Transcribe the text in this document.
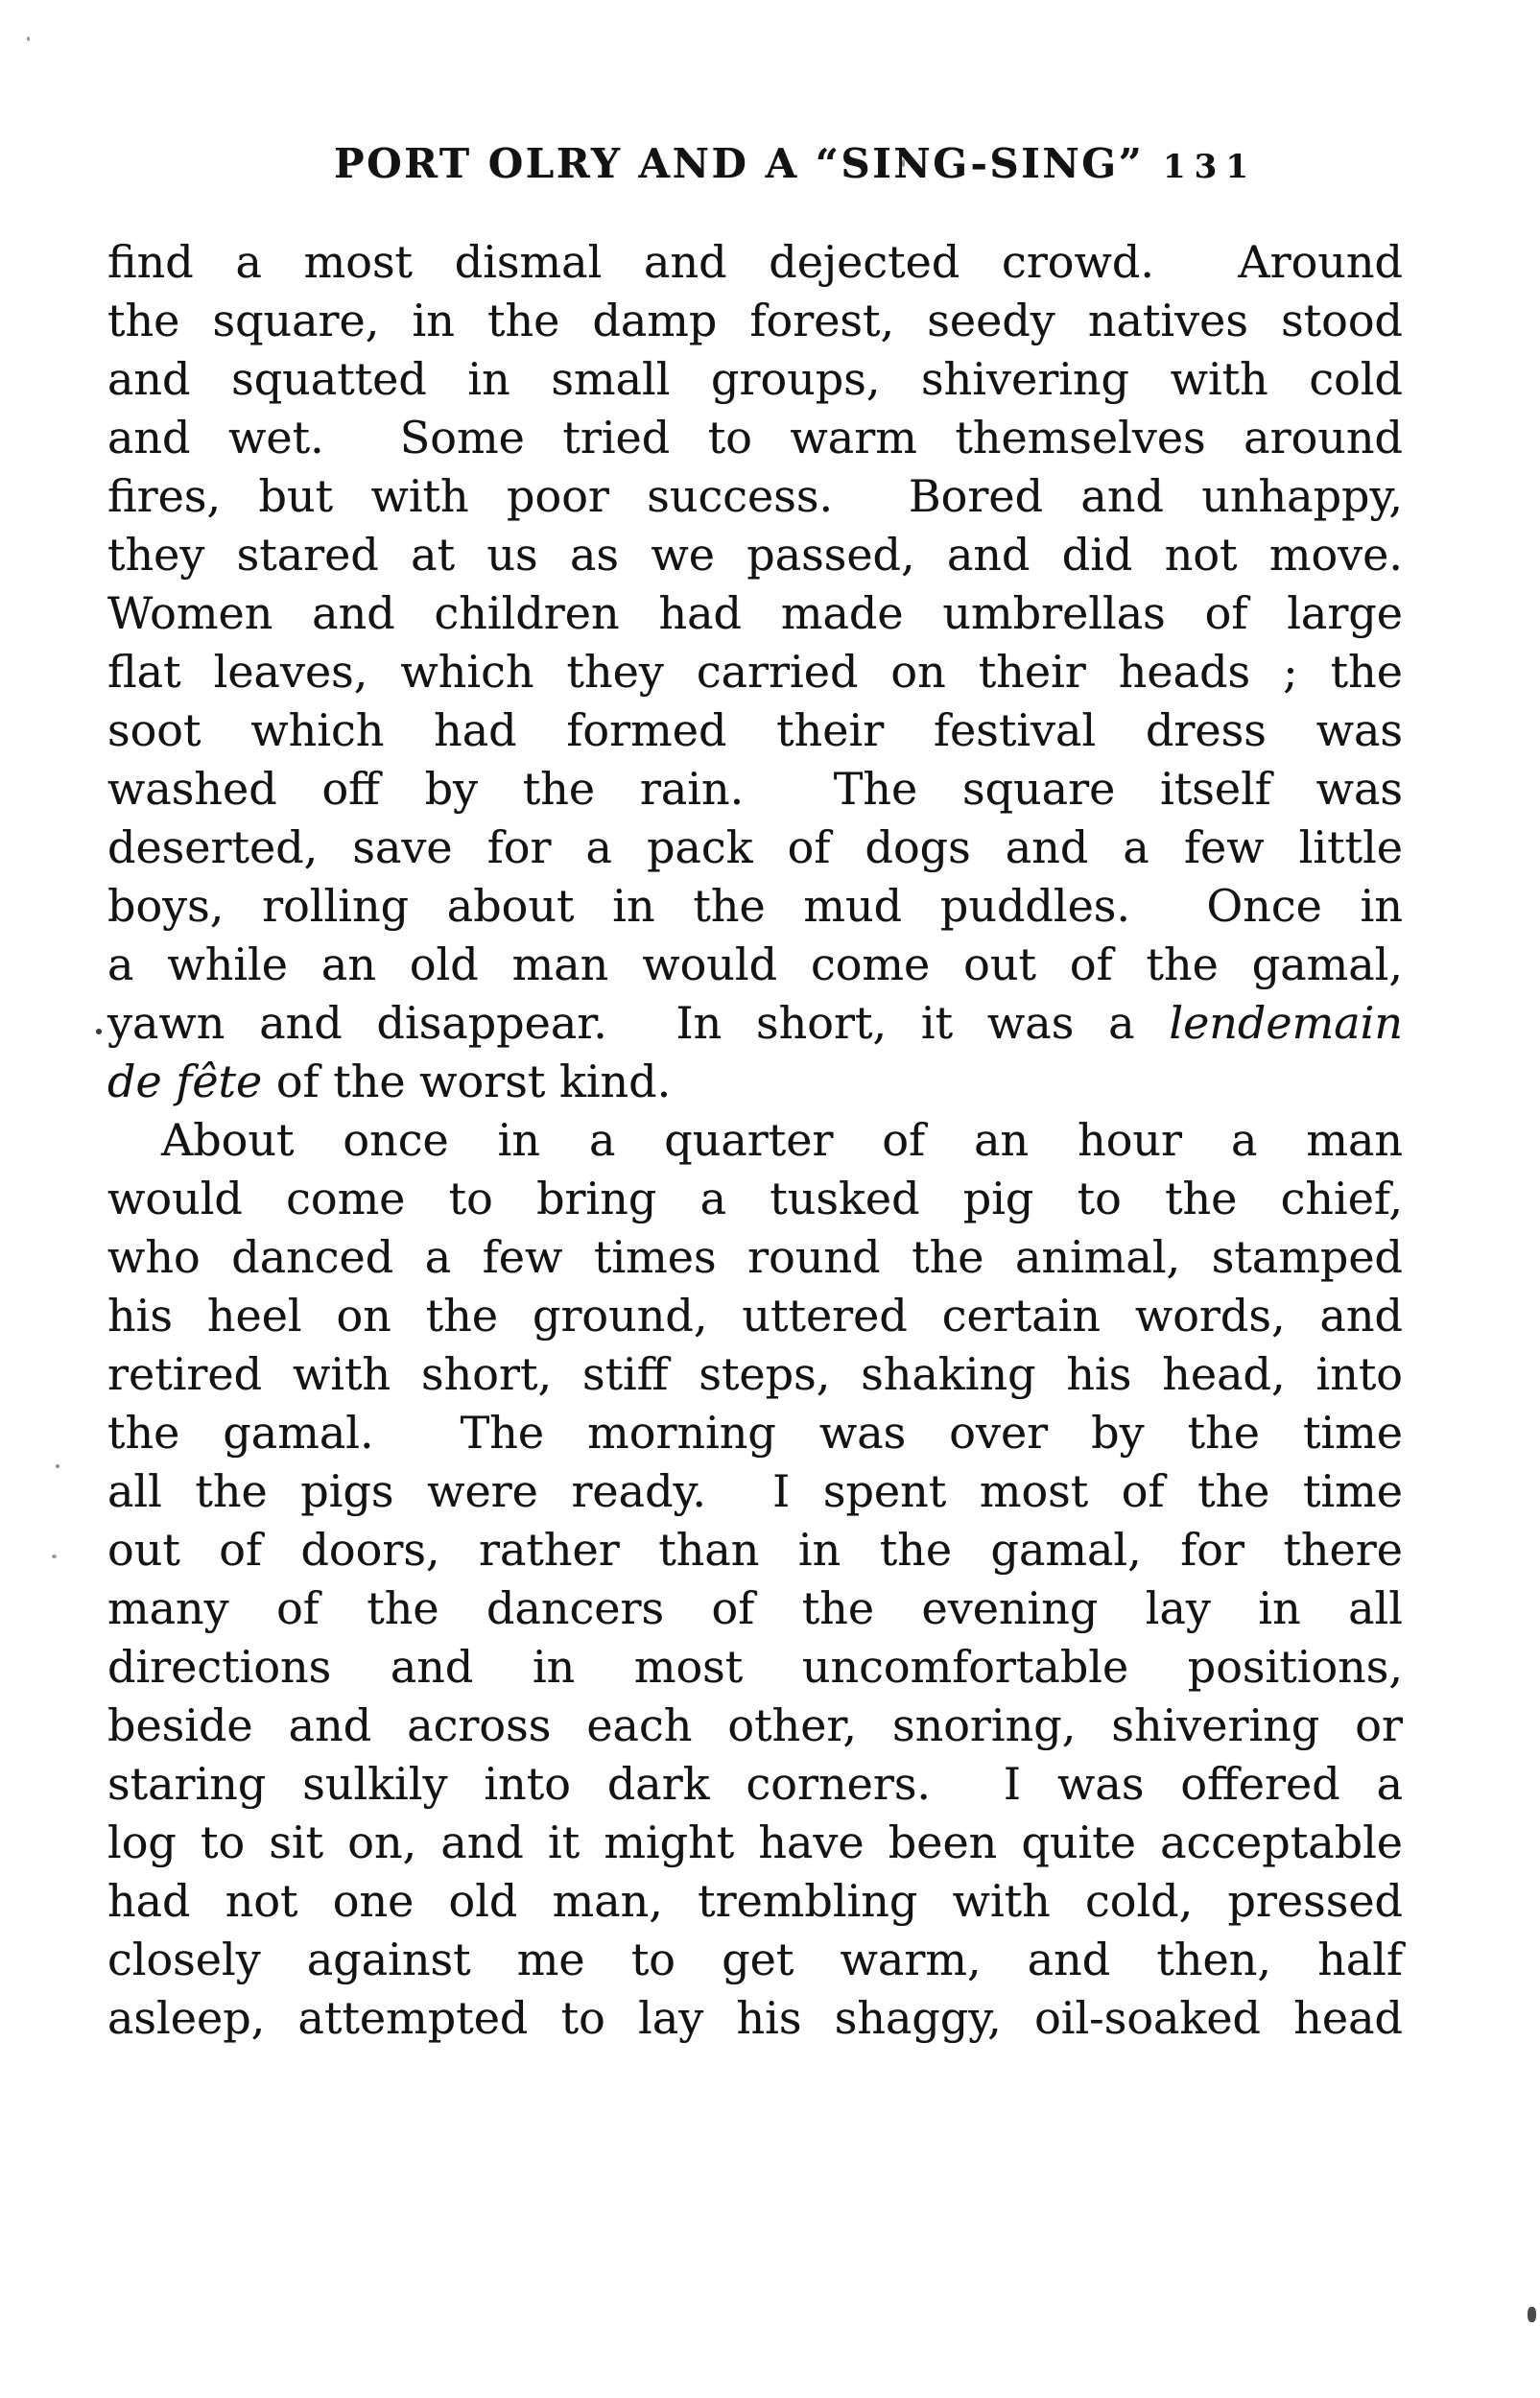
PORT OLRY AND A “SING-SING” 131
find a most dismal and dejected crowd.  Around
the square, in the damp forest, seedy natives stood
and squatted in small groups, shivering with cold
and wet.  Some tried to warm themselves around
fires, but with poor success.  Bored and unhappy,
they stared at us as we passed, and did not move.
Women and children had made umbrellas of large
flat leaves, which they carried on their heads ; the
soot which had formed their festival dress was
washed off by the rain.  The square itself was
deserted, save for a pack of dogs and a few little
boys, rolling about in the mud puddles.  Once in
a while an old man would come out of the gamal,
yawn and disappear.  In short, it was a lendemain
de fête of the worst kind.
About once in a quarter of an hour a man
would come to bring a tusked pig to the chief,
who danced a few times round the animal, stamped
his heel on the ground, uttered certain words, and
retired with short, stiff steps, shaking his head, into
the gamal.  The morning was over by the time
all the pigs were ready.  I spent most of the time
out of doors, rather than in the gamal, for there
many of the dancers of the evening lay in all
directions and in most uncomfortable positions,
beside and across each other, snoring, shivering or
staring sulkily into dark corners.  I was offered a
log to sit on, and it might have been quite acceptable
had not one old man, trembling with cold, pressed
closely against me to get warm, and then, half
asleep, attempted to lay his shaggy, oil-soaked head
